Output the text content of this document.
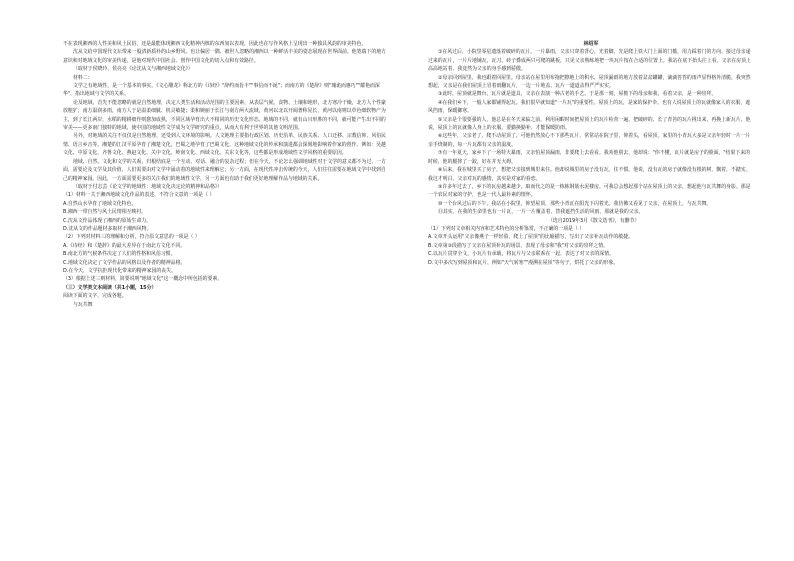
不在表现湘西的人性美和风土民俗，还是最能体现湘西文化精神内核的东西加以表现，因此也在写作风格上呈现出一种独具风韵的审美特色。

沈从文给中国现代文坛带来一股清新质朴的山乡野风，也让偏居一隅、被世人忽略的湘西以一种鲜活丰美的姿态展现在世界面前。他笔端下的地方意识和对地域文化的审美传递，是他对现代中国社会、创作中国文化的切入点和有效路径。

（取材于侯晓玲、侯亮亮《论沈从文与湘西地域文化》）

材料二：

文学之有地域性，是一个基本的事实。《文心雕龙》称北方的《诗经》"辞约而旨丰""事信而不诞"；而南方的《楚辞》则"瑰诡而惠巧""耀艳而深华"，指出地域与文学的关系。

论及地域，首先不能忽略的就是自然地理，决定人类生活和活动范围的主要因素，从表层气候、食物、土壤和地形，北方寒冷干燥，北方人个性豪放粗犷；南方温润多雨，南方人于是温柔细腻、机灵敏捷；柔和婉丽于长江与南方两大流域，黄河以北以开阔著称见长，黄河以南则以草色细软物产为主，到了长江两岸，水稻的精耕细作则愈加成熟，不同区域孕育出大不相同的历史文化形态。地域的不同，就有山川形胜的不同，就可能产生出不同的审美——更多南门独特的地域，使中国的地域性文学成为文学研究的重点，从而大有利于世界的其他文明范围。

另外，对地域的关注不仅仅是自然地理，还受到人文环境的影响。人文地理主要指行政区划、历史沿革、民族关系、人口迁移、宗教信仰、风俗民情、语言乡音等。湘楚的江汉平原孕育了湘楚文化，巴蜀之地孕育了巴蜀文化，这种地域文化的传承和演进都会深刻地影响着作家的创作。例如：吴越文化、中原文化、齐鲁文化、燕赵文化、关中文化、岭南文化、西域文化、关东文化等，这些都是形成地域性文学风格的重要原因。

地域、自然、文化和文学的关系，归根结底是一个互动、对话、融合的复杂过程；但在今天，不论怎么强调地域性对于文学的意义都不为过，一方面，需要论及文学及其价值，人们需要由对文学中涌动着的地域性来理解它；另一方面，在现代性冲击传统的今天，人们往往需要在地域文学中找到自己的精神家园。因此，一方面需要更多的关注我们的地域性文学，另一方面也有助于我们更好地理解作品与地域的关系。

（取材于付志芸《论文学的地域性：地域文化决定论的精神和品格》）

（1）材料一关于湘西地域文化作品的表述，不符合文意的一项是（ ）

A.自然山水孕育了地域文化特色。

B.湘西一带自然与风土民情相互映衬。

C.沈从文作品体现了湘西的原始生命力。

D.沈从文的作品题材多取材于湘西风物。

（2）下列对材料三的理解和分析，符合原文意思的一项是（ ）

A.《诗经》和《楚辞》的最大差异在于南北方文化不同。

B.南北方的气候条件决定了人们的性格和风俗习惯。

C.地域文化决定了文学作品的风格以及作者的精神品格。

D.在今天，文学抗拒现代化带来的精神家园的丧失。

（3）根据上述三则材料，简要说明"地域文化"这一概念中所包括的要素。

（三）文学类文本阅读（共1小题，15分）

阅读下面的文字，完成各题。

与瓦共舞

林绍军

①在风过后，小院里零星遗落着破碎的瓦片。一片暴雨，父亲只穿着背心，光着脚，先是爬上铁大门上面的门槛，用力踩着门的方向，接过母亲递过来的瓦片，一片片地铺瓦，瓦刀、砖子叠成两只可爬的跳板，只见父亲熟练地把一块瓦片按在合适的位置上。我站在底下抬头往上看，父亲在房顶上高高地站着，我竟然为父亲的身手感到骄傲。

②母亲回到屋里，我也跟着回屋里。母亲站在屋里用布拖把擦地上的积水，屋顶漏雨的地方放着盆盆罐罐，滴滴答答的雨声显得格外清脆。我突然想起，父亲是在我们屋顶上冒着雨翻瓦片，一边一片地盖，瓦片一道道盖得严严实实。

③此时，屋顶就是舞台，瓦片就是道具，父亲在表演一种古老的手艺。于是那一刻，屋檐下的母亲和我，看着父亲，是一种崇拜。

④在我们乡下，一般人家都铺得起瓦。我们很早就知道"一片瓦"的重要性。屋顶上的瓦，是家的保护伞，也有人说屋顶上的瓦就像家人的衣服，遮风挡雨，保暖御寒。

⑤父亲是个很要强的人，他总是在冬天来临之前，利用闲暇时间把屋顶上的瓦片检查一遍，把破碎的、长了青苔的瓦片挑出来，再换上新瓦片。他说，屋顶上的瓦就像人身上的衣服，要勤换勤补，才能保暖防雨。

⑥这些年，父亲老了，爬不动屋顶了。可他仍然放心不下那些瓦片，常常站在院子里，仰着头，看屋顶。家里的小青瓦大多是父亲年轻时一片一片亲手烧制的，每一片瓦都有父亲的温度。

⑦有一年夏天，家乡下了一场特大暴雨，父亲怕屋顶漏雨，非要爬上去看看。我劝他别去，他却说："你不懂，瓦片就是房子的脸面。"结果下来的时候，他的腿摔了一跤，好在并无大碍。

⑧后来，我在城里买了房子，想把父亲接到城里来住。他却说城里的房子没有瓦，住不惯。他说，没有瓦的房子就像没有根的树，飘着，不踏实。我这才明白，父亲对瓦的感情，其实是对家的眷恋。

⑨许多年过去了，乡下的瓦房越来越少，取而代之的是一栋栋钢筋水泥楼房。可我总会想起那个站在屋顶上的父亲，想起他与瓦共舞的身影。那是一个农民对家的守护，也是一代人最朴素的情怀。

⑩一个台风过后的下午，我站在小院里，仰望屋顶，那些小青瓦在阳光下闪着光。我仿佛又看见了父亲，在屋顶上，与瓦共舞。

⑪其实，在我的生命里也有一片瓦，一片一片覆盖着，替我遮挡生活的风雨，那就是我的父亲。

（选自2019年3月《散文选刊》，有删节）

（1）下列对文章相关内容和艺术特色的分析鉴赏，不正确的一项是（ ）

A.文章开头运用"父亲像燕子一样轻盈，爬上了屋顶"的比喻描写，写出了父亲补瓦动作的敏捷。

B.文章第③段描写了父亲在屋顶补瓦的场景，表现了母亲和"我"对父亲的崇拜之情。

C.以瓦片贯穿全文，小瓦片有承载，将瓦片与父亲联系在一起，表达了对父亲的深情。

D.文中多次写到屋顶和瓦片，例如"天气转寒""漫溯在屋顶"等句子，烘托了父亲的形象。
